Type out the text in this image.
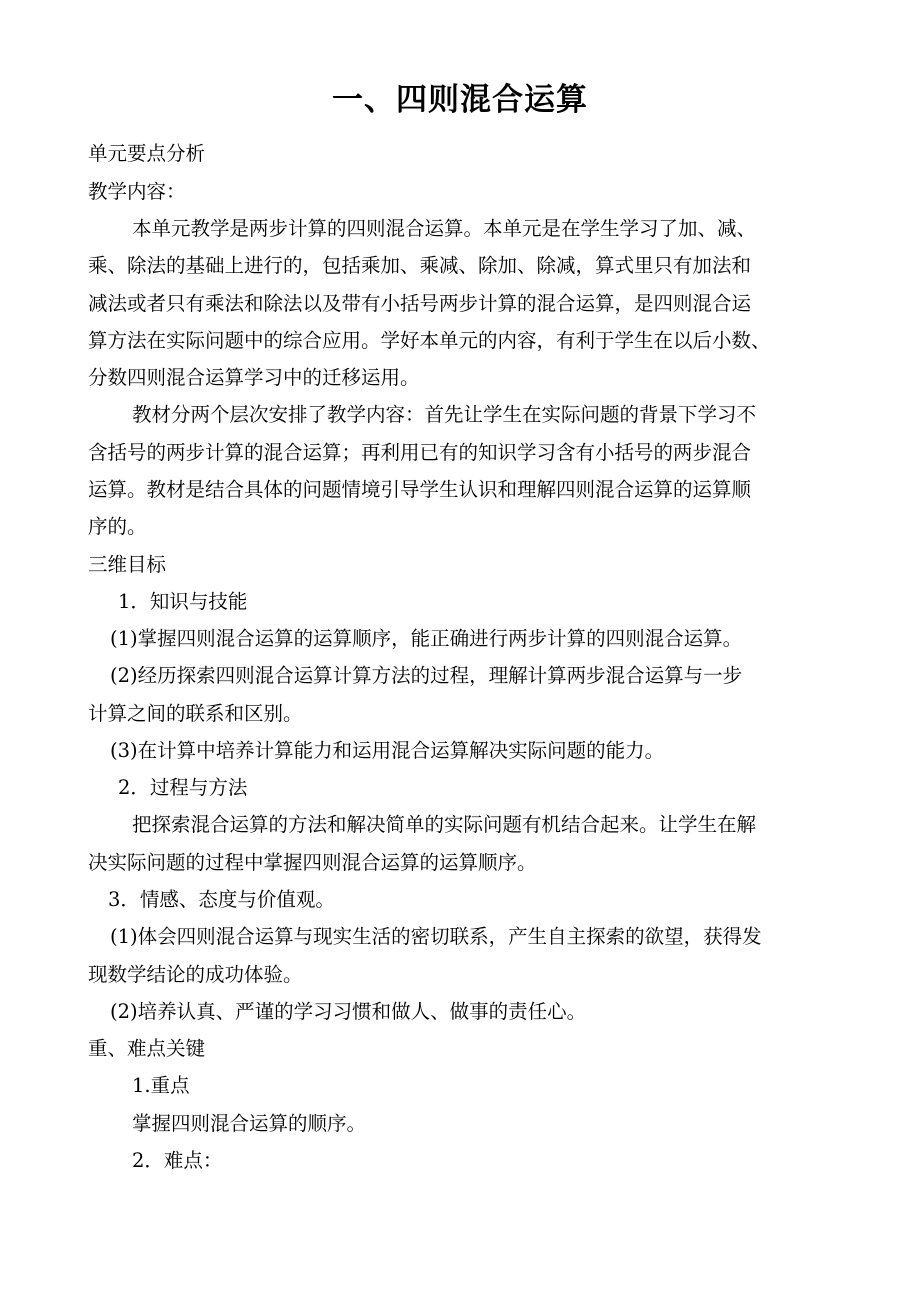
一、四则混合运算
单元要点分析
教学内容：
本单元教学是两步计算的四则混合运算。本单元是在学生学习了加、减、
乘、除法的基础上进行的，包括乘加、乘减、除加、除减，算式里只有加法和
减法或者只有乘法和除法以及带有小括号两步计算的混合运算，是四则混合运
算方法在实际问题中的综合应用。学好本单元的内容，有利于学生在以后小数、
分数四则混合运算学习中的迁移运用。
教材分两个层次安排了教学内容：首先让学生在实际问题的背景下学习不
含括号的两步计算的混合运算；再利用已有的知识学习含有小括号的两步混合
运算。教材是结合具体的问题情境引导学生认识和理解四则混合运算的运算顺
序的。
三维目标
1．知识与技能
(1)掌握四则混合运算的运算顺序，能正确进行两步计算的四则混合运算。
(2)经历探索四则混合运算计算方法的过程，理解计算两步混合运算与一步
计算之间的联系和区别。
(3)在计算中培养计算能力和运用混合运算解决实际问题的能力。
2．过程与方法
把探索混合运算的方法和解决简单的实际问题有机结合起来。让学生在解
决实际问题的过程中掌握四则混合运算的运算顺序。
3．情感、态度与价值观。
(1)体会四则混合运算与现实生活的密切联系，产生自主探索的欲望，获得发
现数学结论的成功体验。
(2)培养认真、严谨的学习习惯和做人、做事的责任心。
重、难点关键
1.重点
掌握四则混合运算的顺序。
2．难点：
